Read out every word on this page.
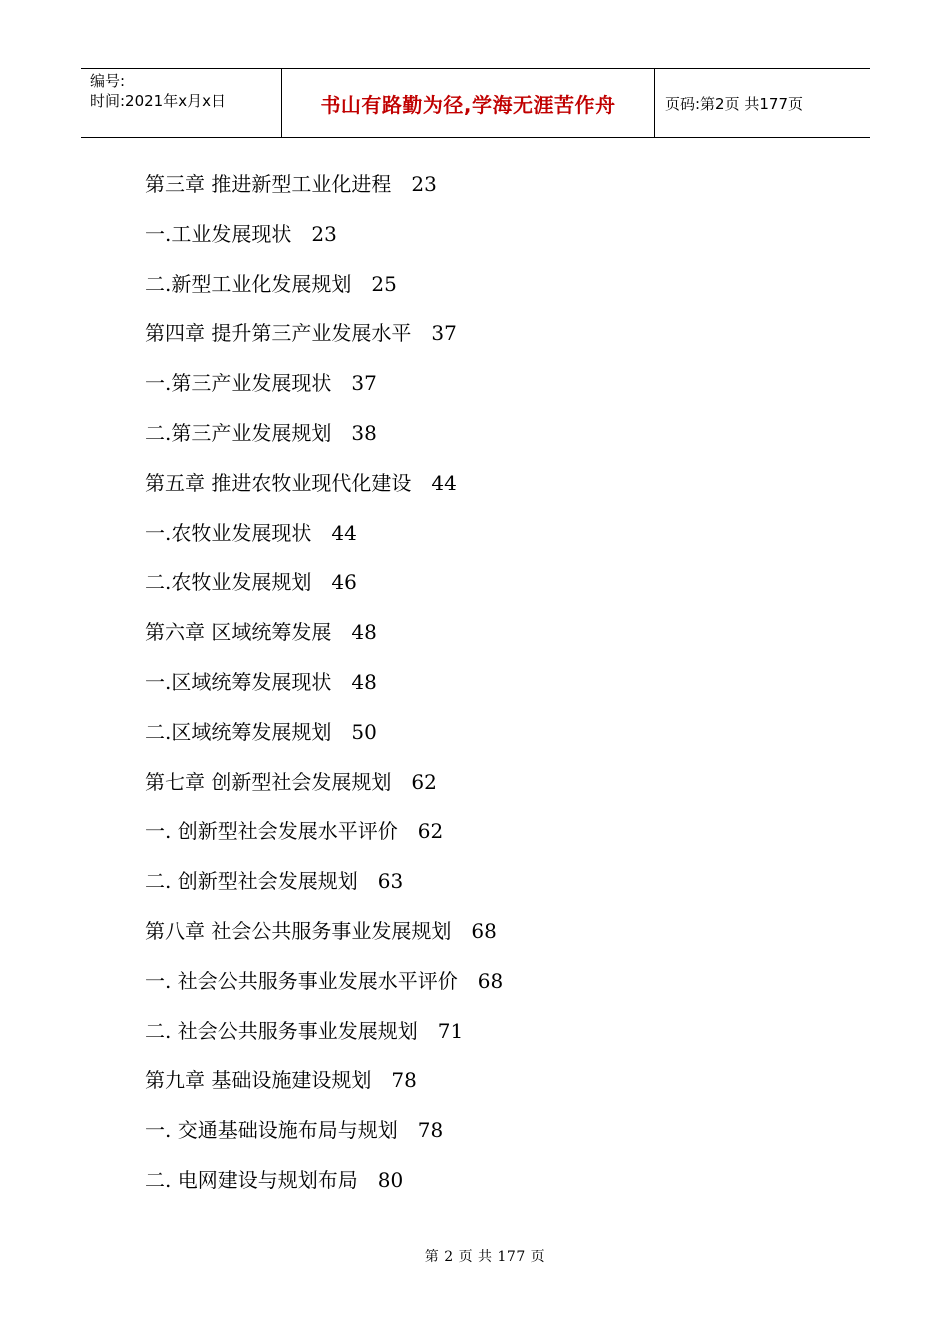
编号:
时间:2021年x月x日	书山有路勤为径,学海无涯苦作舟	页码:第2页 共177页
第三章 推进新型工业化进程 23
一.工业发展现状 23
二.新型工业化发展规划 25
第四章 提升第三产业发展水平 37
一.第三产业发展现状 37
二.第三产业发展规划 38
第五章 推进农牧业现代化建设 44
一.农牧业发展现状 44
二.农牧业发展规划 46
第六章 区域统筹发展 48
一.区域统筹发展现状 48
二.区域统筹发展规划 50
第七章 创新型社会发展规划 62
一. 创新型社会发展水平评价 62
二. 创新型社会发展规划 63
第八章 社会公共服务事业发展规划 68
一. 社会公共服务事业发展水平评价 68
二. 社会公共服务事业发展规划 71
第九章 基础设施建设规划 78
一. 交通基础设施布局与规划 78
二. 电网建设与规划布局 80
第 2 页 共 177 页
